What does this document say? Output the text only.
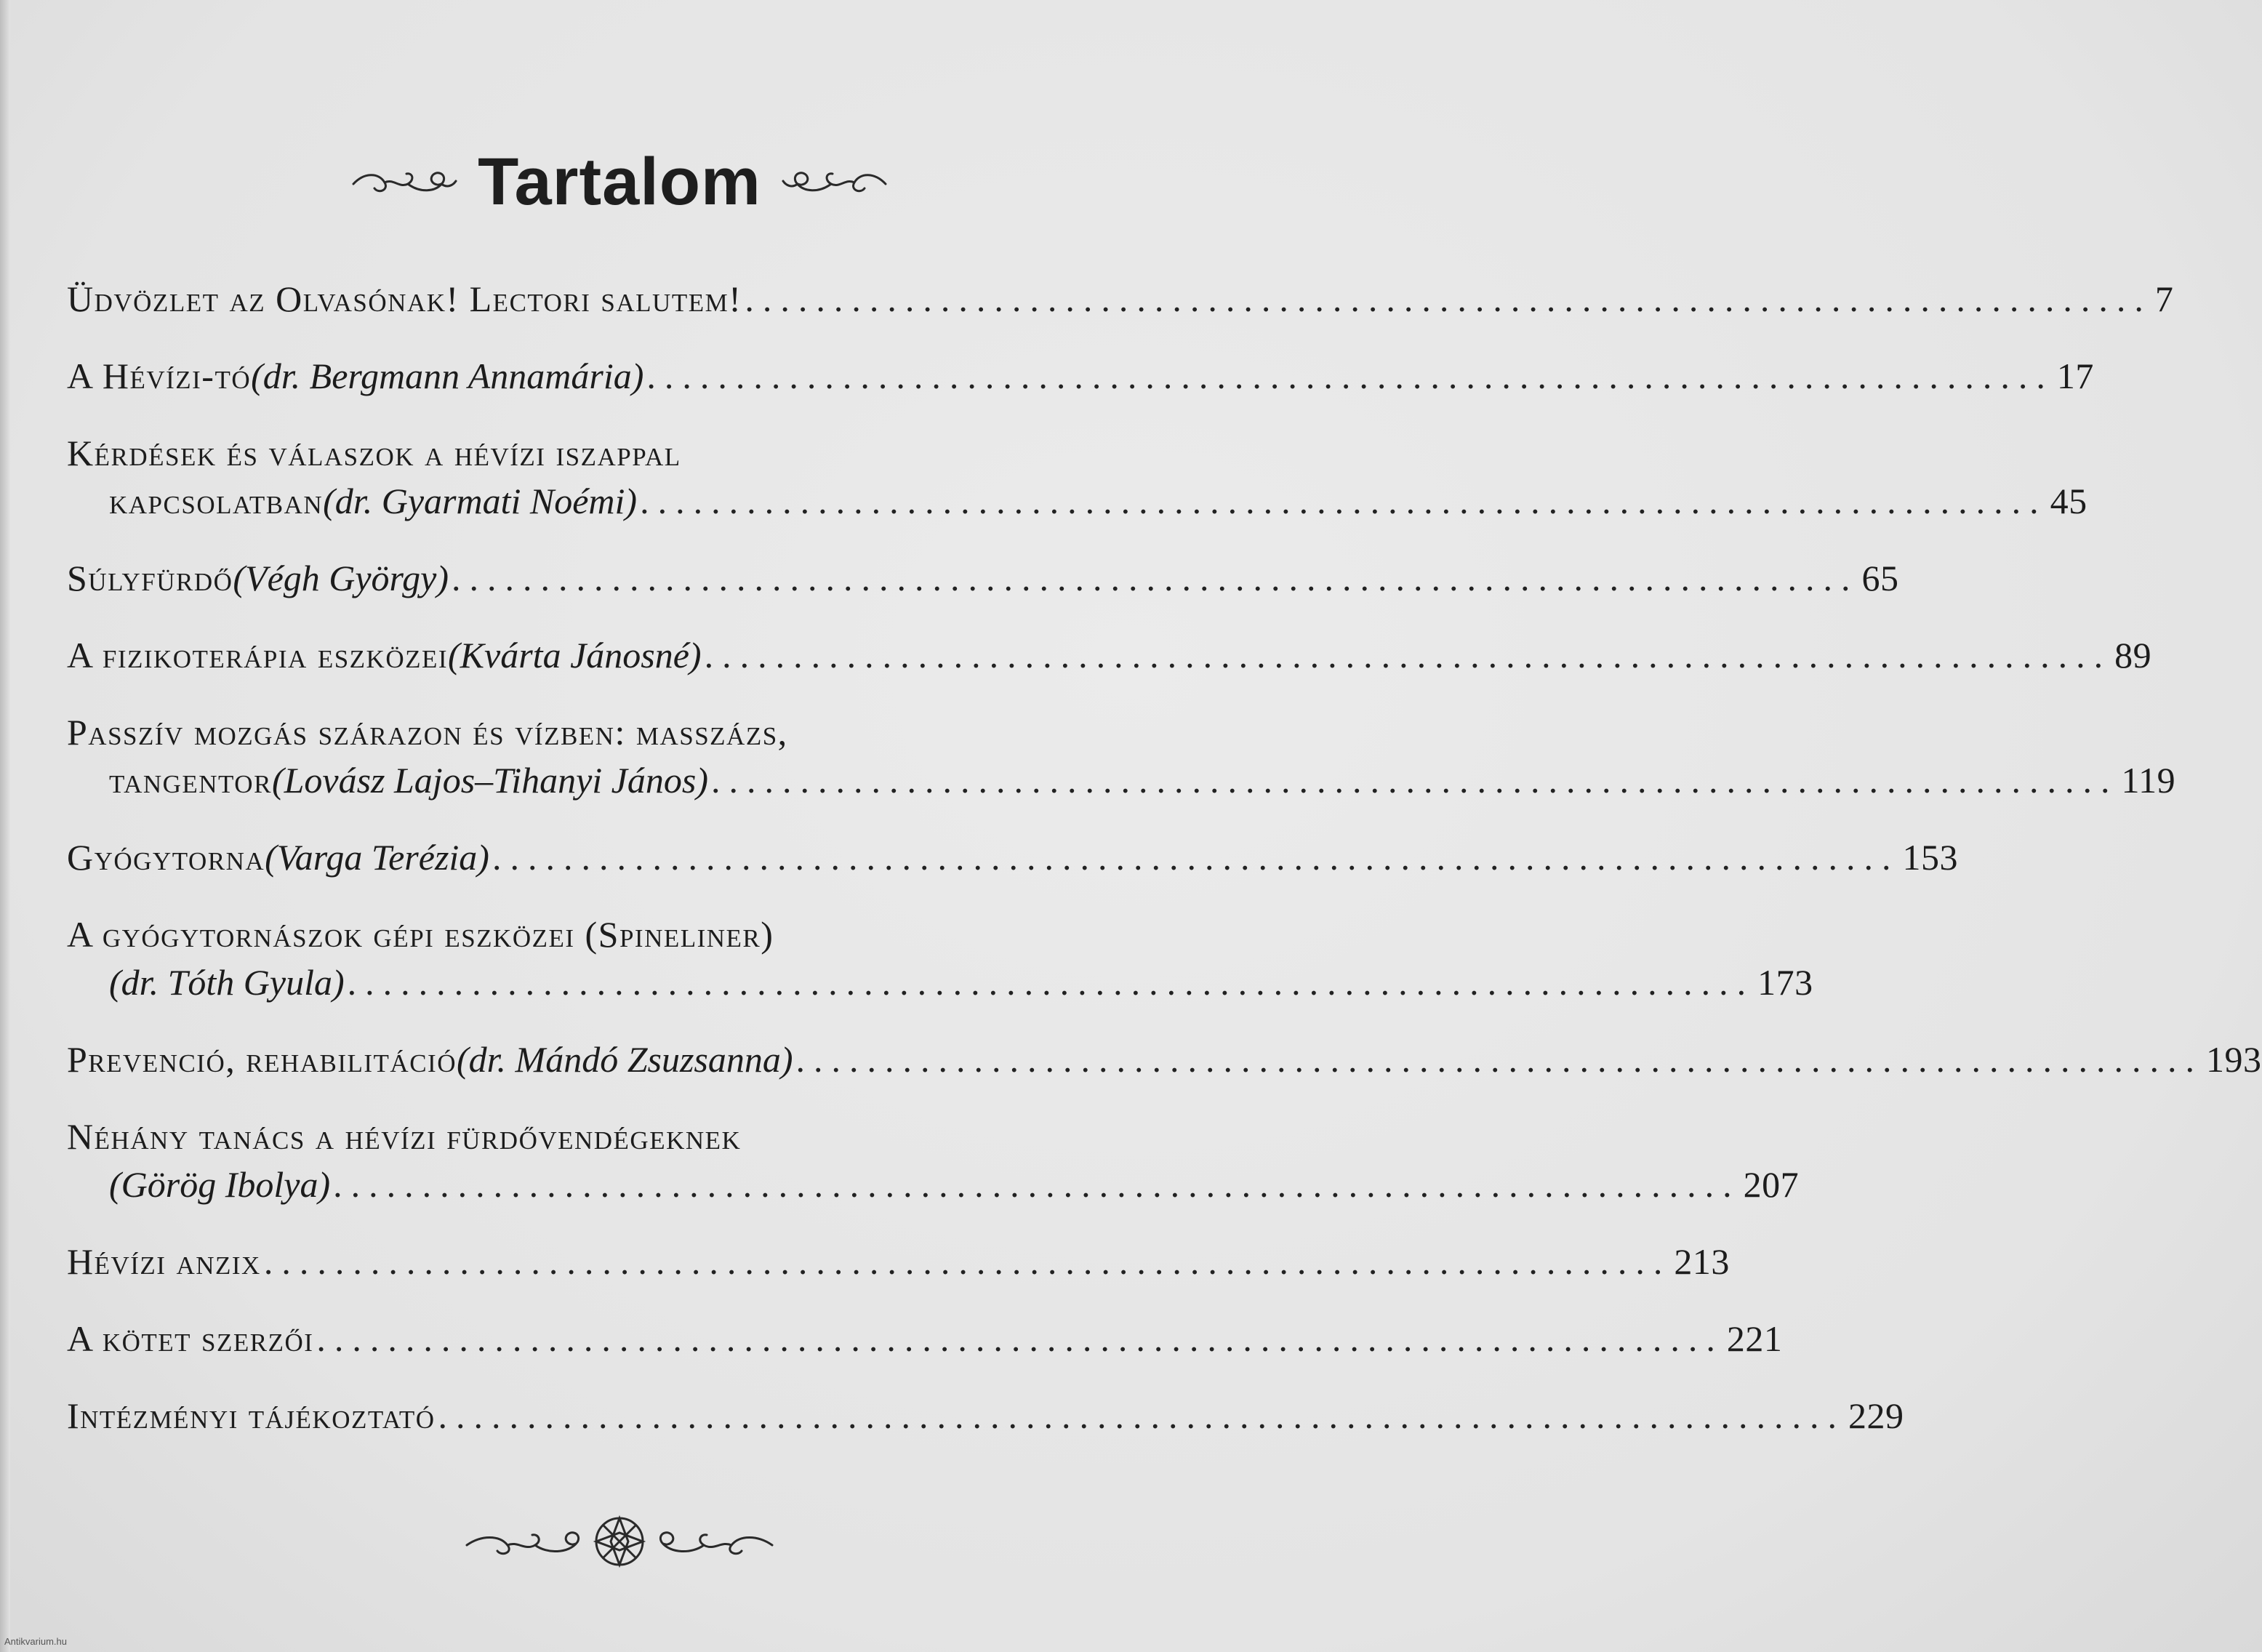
Tartalom
Üdvözlet az Olvasónak! Lectori salutem! ............................................................................... 7
A Hévízi-tó (dr. Bergmann Annamária) ............................................................................... 17
Kérdések és válaszok a hévízi iszappal
kapcsolatban (dr. Gyarmati Noémi) ............................................................................... 45
Súlyfürdő (Végh György) ............................................................................... 65
A fizikoterápia eszközei (Kvárta Jánosné) ............................................................................... 89
Passzív mozgás szárazon és vízben: masszázs,
tangentor (Lovász Lajos–Tihanyi János) ............................................................................... 119
Gyógytorna (Varga Terézia) ............................................................................... 153
A gyógytornászok gépi eszközei (Spineliner)
(dr. Tóth Gyula) ............................................................................... 173
Prevenció, rehabilitáció (dr. Mándó Zsuzsanna) ............................................................................... 193
Néhány tanács a hévízi fürdővendégeknek
(Görög Ibolya) ............................................................................... 207
Hévízi anzix ............................................................................... 213
A kötet szerzői ............................................................................... 221
Intézményi tájékoztató ............................................................................... 229
Antikvarium.hu
